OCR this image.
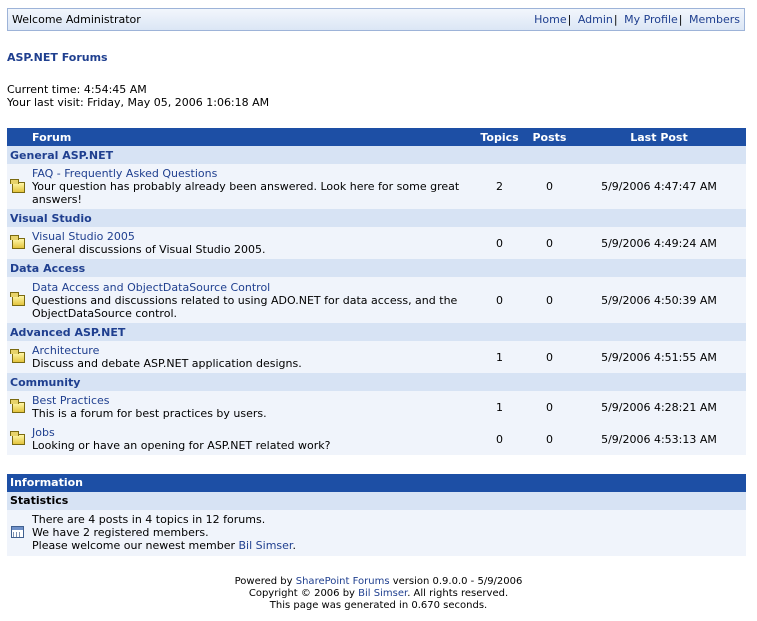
Welcome Administrator	Home| Admin| My Profile| Members
ASP.NET Forums
Current time: 4:54:45 AM
Your last visit: Friday, May 05, 2006 1:06:18 AM
Forum		Topics	Posts	Last Post
General ASP.NET				
	FAQ - Frequently Asked Questions
Your question has probably already been answered. Look here for some great answers!	2	0	5/9/2006 4:47:47 AM
Visual Studio				
	Visual Studio 2005
General discussions of Visual Studio 2005.	0	0	5/9/2006 4:49:24 AM
Data Access				
	Data Access and ObjectDataSource Control
Questions and discussions related to using ADO.NET for data access, and the ObjectDataSource control.	0	0	5/9/2006 4:50:39 AM
Advanced ASP.NET				
	Architecture
Discuss and debate ASP.NET application designs.	1	0	5/9/2006 4:51:55 AM
Community				
	Best Practices
This is a forum for best practices by users.	1	0	5/9/2006 4:28:21 AM
	Jobs
Looking or have an opening for ASP.NET related work?	0	0	5/9/2006 4:53:13 AM
Information
Statistics
There are 4 posts in 4 topics in 12 forums.
We have 2 registered members.
Please welcome our newest member Bil Simser.
Powered by SharePoint Forums version 0.9.0.0 - 5/9/2006
Copyright © 2006 by Bil Simser. All rights reserved.
This page was generated in 0.670 seconds.
